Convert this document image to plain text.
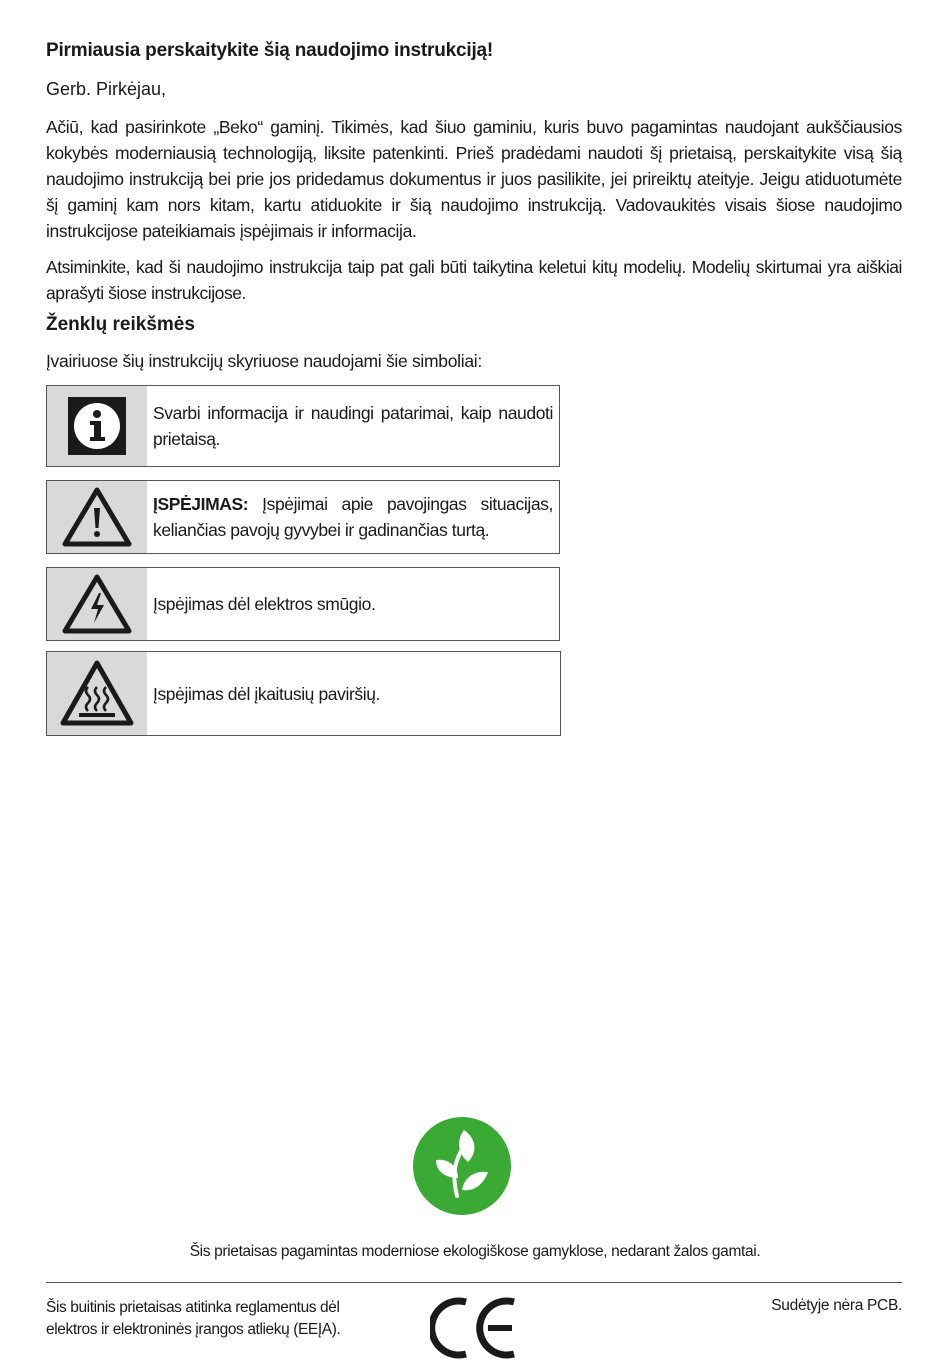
Pirmiausia perskaitykite šią naudojimo instrukciją!
Gerb. Pirkėjau,
Ačiū, kad pasirinkote „Beko“ gaminį. Tikimės, kad šiuo gaminiu, kuris buvo pagamintas naudojant aukščiausios kokybės moderniausią technologiją, liksite patenkinti. Prieš pradėdami naudoti šį prietaisą, perskaitykite visą šią naudojimo instrukciją bei prie jos pridedamus dokumentus ir juos pasilikite, jei prireiktų ateityje. Jeigu atiduotumėte šį gaminį kam nors kitam, kartu atiduokite ir šią naudojimo instrukciją. Vadovaukitės visais šiose naudojimo instrukcijose pateikiamais įspėjimais ir informacija.
Atsiminkite, kad ši naudojimo instrukcija taip pat gali būti taikytina keletui kitų modelių. Modelių skirtumai yra aiškiai aprašyti šiose instrukcijose.
Ženklų reikšmės
Įvairiuose šių instrukcijų skyriuose naudojami šie simboliai:
Svarbi informacija ir naudingi patarimai, kaip naudoti prietaisą.
ĮSPĖJIMAS: Įspėjimai apie pavojingas situacijas, keliančias pavojų gyvybei ir gadinančias turtą.
Įspėjimas dėl elektros smūgio.
Įspėjimas dėl įkaitusių paviršių.
Šis prietaisas pagamintas moderniose ekologiškose gamyklose, nedarant žalos gamtai.
Šis buitinis prietaisas atitinka reglamentus dėl
elektros ir elektroninės įrangos atliekų (EEĮA).
Sudėtyje nėra PCB.
